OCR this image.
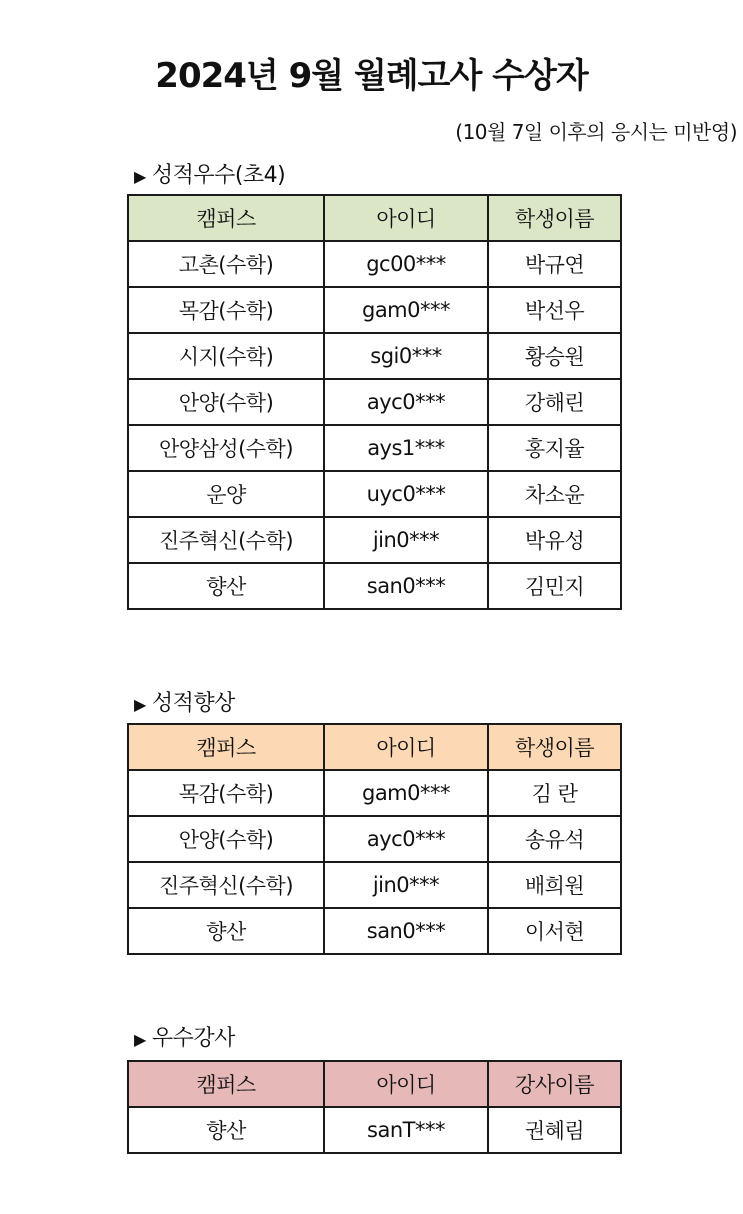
2024년 9월 월례고사 수상자
(10월 7일 이후의 응시는 미반영)
▶ 성적우수(초4)
캠퍼스	아이디	학생이름
고촌(수학)	gc00***	박규연
목감(수학)	gam0***	박선우
시지(수학)	sgi0***	황승원
안양(수학)	ayc0***	강해린
안양삼성(수학)	ays1***	홍지율
운양	uyc0***	차소윤
진주혁신(수학)	jin0***	박유성
향산	san0***	김민지
▶ 성적향상
캠퍼스	아이디	학생이름
목감(수학)	gam0***	김 란
안양(수학)	ayc0***	송유석
진주혁신(수학)	jin0***	배희원
향산	san0***	이서현
▶ 우수강사
캠퍼스	아이디	강사이름
향산	sanT***	권혜림
